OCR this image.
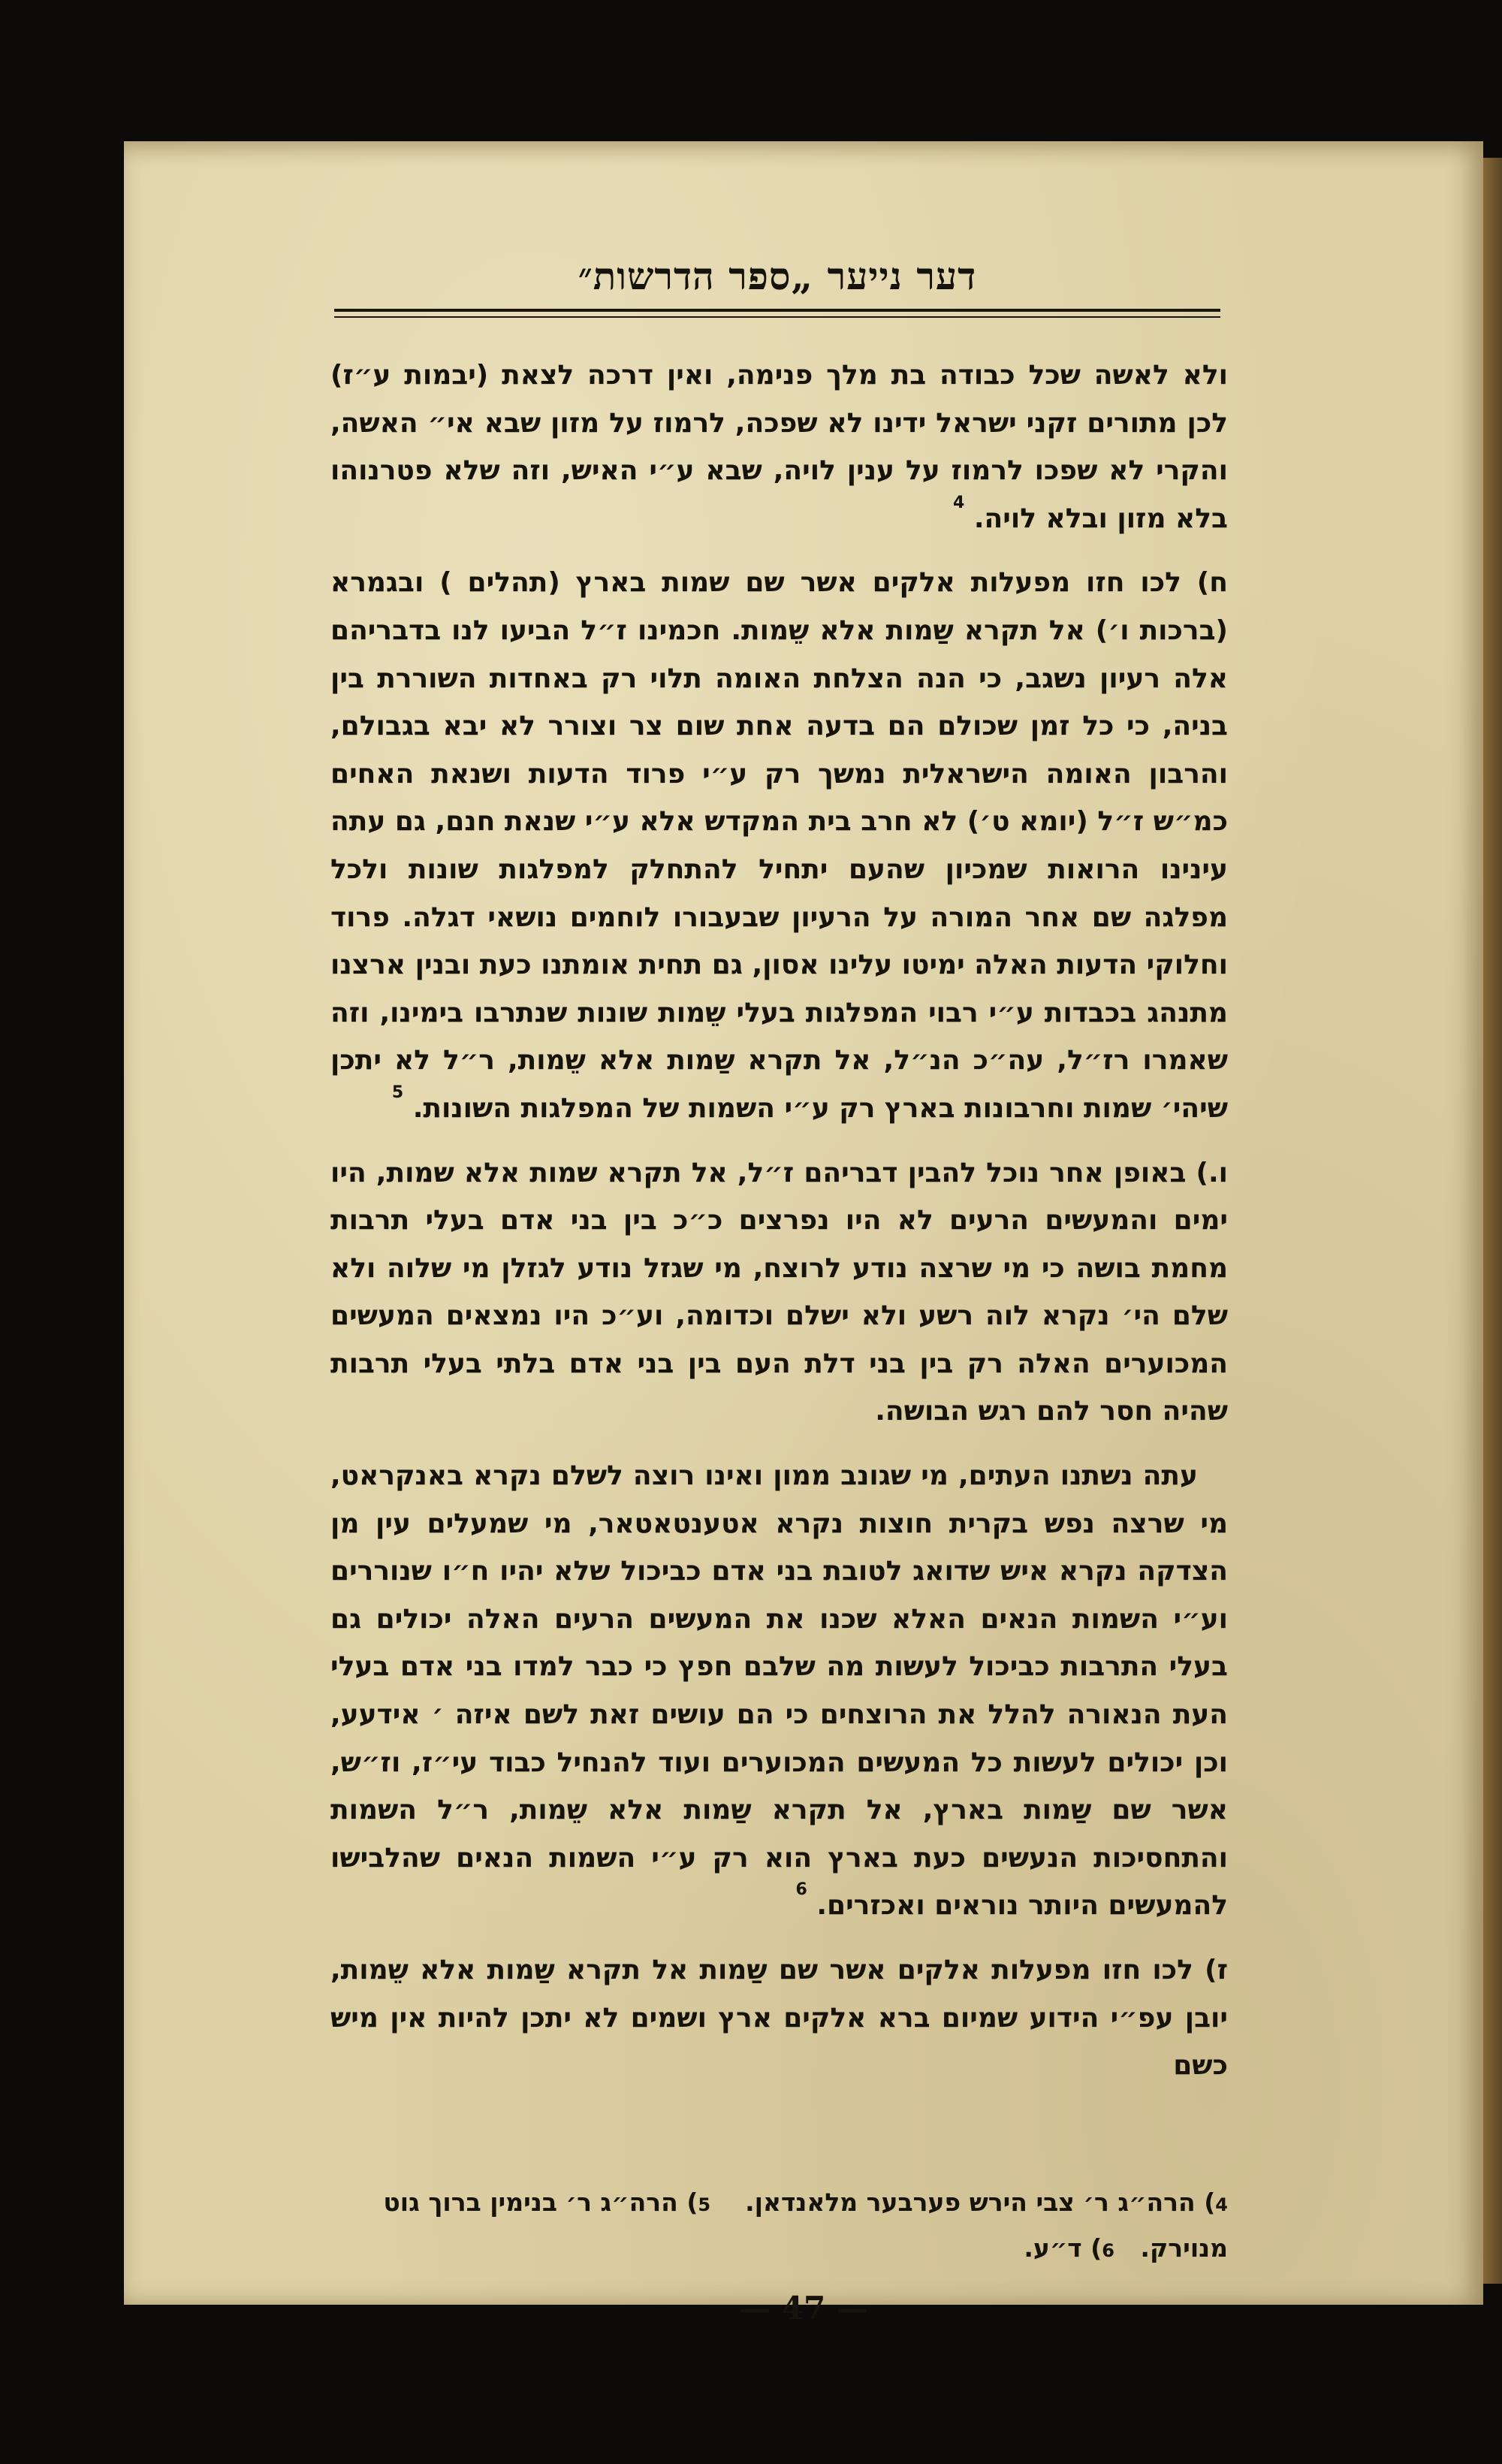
דער נייער „ספר הדרשות״

ולא לאשה שכל כבודה בת מלך פנימה, ואין דרכה לצאת (יבמות ע״ז) לכן מתורים זקני ישראל ידינו לא שפכה, לרמוז על מזון שבא אי״ האשה, והקרי לא שפכו לרמוז על ענין לויה, שבא ע״י האיש, וזה שלא פטרנוהו בלא מזון ובלא לויה. $^4$

ח) לכו חזו מפעלות אלקים אשר שם שמות בארץ (תהלים ) ובגמרא (ברכות ו׳) אל תקרא שַמות אלא שֵמות. חכמינו ז״ל הביעו לנו בדבריהם אלה רעיון נשגב, כי הנה הצלחת האומה תלוי רק באחדות השוררת בין בניה, כי כל זמן שכולם הם בדעה אחת שום צר וצורר לא יבא בגבולם, והרבון האומה הישראלית נמשך רק ע״י פרוד הדעות ושנאת האחים כמ״ש ז״ל (יומא ט׳) לא חרב בית המקדש אלא ע״י שנאת חנם, גם עתה עינינו הרואות שמכיון שהעם יתחיל להתחלק למפלגות שונות ולכל מפלגה שם אחר המורה על הרעיון שבעבורו לוחמים נושאי דגלה. פרוד וחלוקי הדעות האלה ימיטו עלינו אסון, גם תחית אומתנו כעת ובנין ארצנו מתנהג בכבדות ע״י רבוי המפלגות בעלי שֵמות שונות שנתרבו בימינו, וזה שאמרו רז״ל, עה״כ הנ״ל, אל תקרא שַמות אלא שֵמות, ר״ל לא יתכן שיהי׳ שמות וחרבונות בארץ רק ע״י השמות של המפלגות השונות. $^5$

ו.) באופן אחר נוכל להבין דבריהם ז״ל, אל תקרא שמות אלא שמות, היו ימים והמעשים הרעים לא היו נפרצים כ״כ בין בני אדם בעלי תרבות מחמת בושה כי מי שרצה נודע לרוצח, מי שגזל נודע לגזלן מי שלוה ולא שלם הי׳ נקרא לוה רשע ולא ישלם וכדומה, וע״כ היו נמצאים המעשים המכוערים האלה רק בין בני דלת העם בין בני אדם בלתי בעלי תרבות שהיה חסר להם רגש הבושה.

עתה נשתנו העתים, מי שגונב ממון ואינו רוצה לשלם נקרא באנקראט, מי שרצה נפש בקרית חוצות נקרא אטענטאטאר, מי שמעלים עין מן הצדקה נקרא איש שדואג לטובת בני אדם כביכול שלא יהיו ח״ו שנוררים וע״י השמות הנאים האלא שכנו את המעשים הרעים האלה יכולים גם בעלי התרבות כביכול לעשות מה שלבם חפץ כי כבר למדו בני אדם בעלי העת הנאורה להלל את הרוצחים כי הם עושים זאת לשם איזה ׳ אידעע, וכן יכולים לעשות כל המעשים המכוערים ועוד להנחיל כבוד עי״ז, וז״ש, אשר שם שַמות בארץ, אל תקרא שַמות אלא שֵמות, ר״ל השמות והתחסיכות הנעשים כעת בארץ הוא רק ע״י השמות הנאים שהלבישו להמעשים היותר נוראים ואכזרים. $^6$

ז) לכו חזו מפעלות אלקים אשר שם שַמות אל תקרא שַמות אלא שֵמות, יובן עפ״י הידוע שמיום ברא אלקים ארץ ושמים לא יתכן להיות אין מיש כשם

4) הרה״ג ר׳ צבי הירש פערבער מלאנדאן.    5) הרה״ג ר׳ בנימין ברוך גוט
מנוירק.   6) ד״ע.
— 47 —
